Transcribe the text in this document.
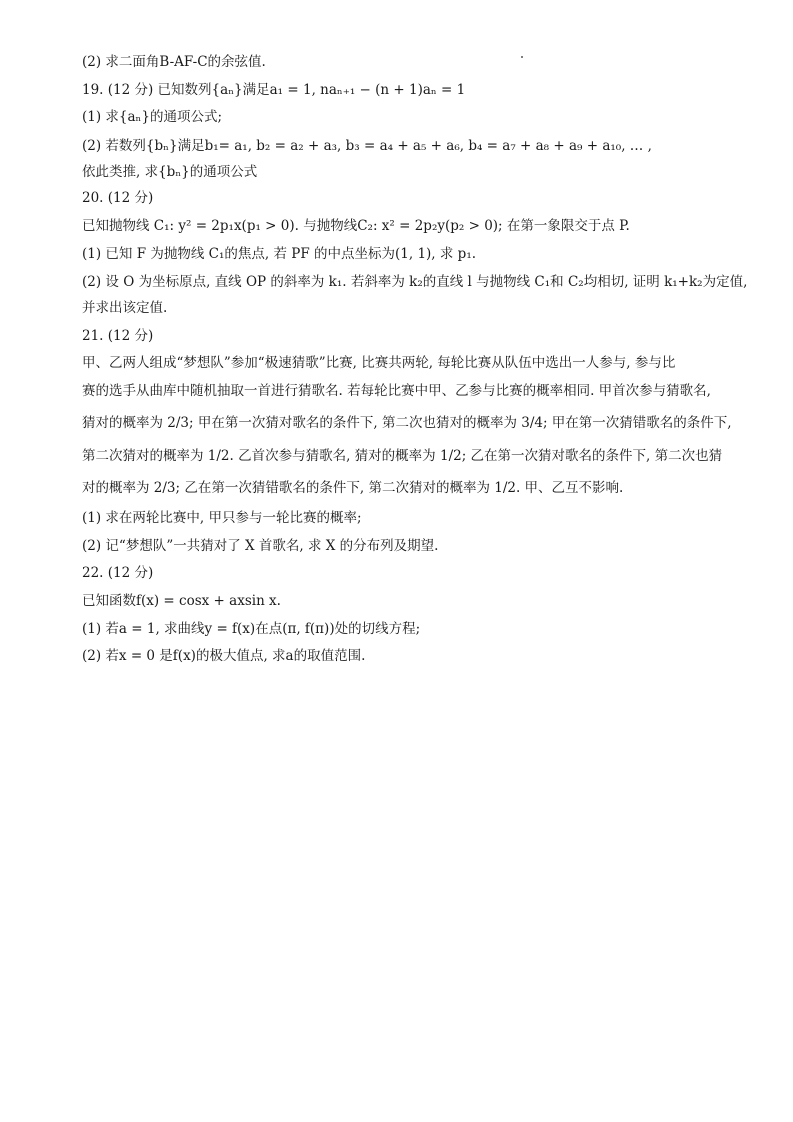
(2) 求二面角B-AF-C的余弦值.
19. (12 分) 已知数列{aₙ}满足a₁ = 1, naₙ₊₁ − (n + 1)aₙ = 1
(1) 求{aₙ}的通项公式;
(2) 若数列{bₙ}满足b₁= a₁, b₂ = a₂ + a₃, b₃ = a₄ + a₅ + a₆, b₄ = a₇ + a₈ + a₉ + a₁₀, … ,
依此类推, 求{bₙ}的通项公式
20. (12 分)
已知抛物线 C₁: y² = 2p₁x(p₁ > 0). 与抛物线C₂: x² = 2p₂y(p₂ > 0); 在第一象限交于点 P.
(1) 已知 F 为抛物线 C₁的焦点, 若 PF 的中点坐标为(1, 1), 求 p₁.
(2) 设 O 为坐标原点, 直线 OP 的斜率为 k₁. 若斜率为 k₂的直线 l 与抛物线 C₁和 C₂均相切, 证明 k₁+k₂为定值,
并求出该定值.
21. (12 分)
甲、乙两人组成“梦想队”参加“极速猜歌”比赛, 比赛共两轮, 每轮比赛从队伍中选出一人参与, 参与比
赛的选手从曲库中随机抽取一首进行猜歌名. 若每轮比赛中甲、乙参与比赛的概率相同. 甲首次参与猜歌名,
猜对的概率为 2/3; 甲在第一次猜对歌名的条件下, 第二次也猜对的概率为 3/4; 甲在第一次猜错歌名的条件下,
第二次猜对的概率为 1/2. 乙首次参与猜歌名, 猜对的概率为 1/2; 乙在第一次猜对歌名的条件下, 第二次也猜
对的概率为 2/3; 乙在第一次猜错歌名的条件下, 第二次猜对的概率为 1/2. 甲、乙互不影响.
(1) 求在两轮比赛中, 甲只参与一轮比赛的概率;
(2) 记“梦想队”一共猜对了 X 首歌名, 求 X 的分布列及期望.
22. (12 分)
已知函数f(x) = cosx + axsin x.
(1) 若a = 1, 求曲线y = f(x)在点(π, f(π))处的切线方程;
(2) 若x = 0 是f(x)的极大值点, 求a的取值范围.
